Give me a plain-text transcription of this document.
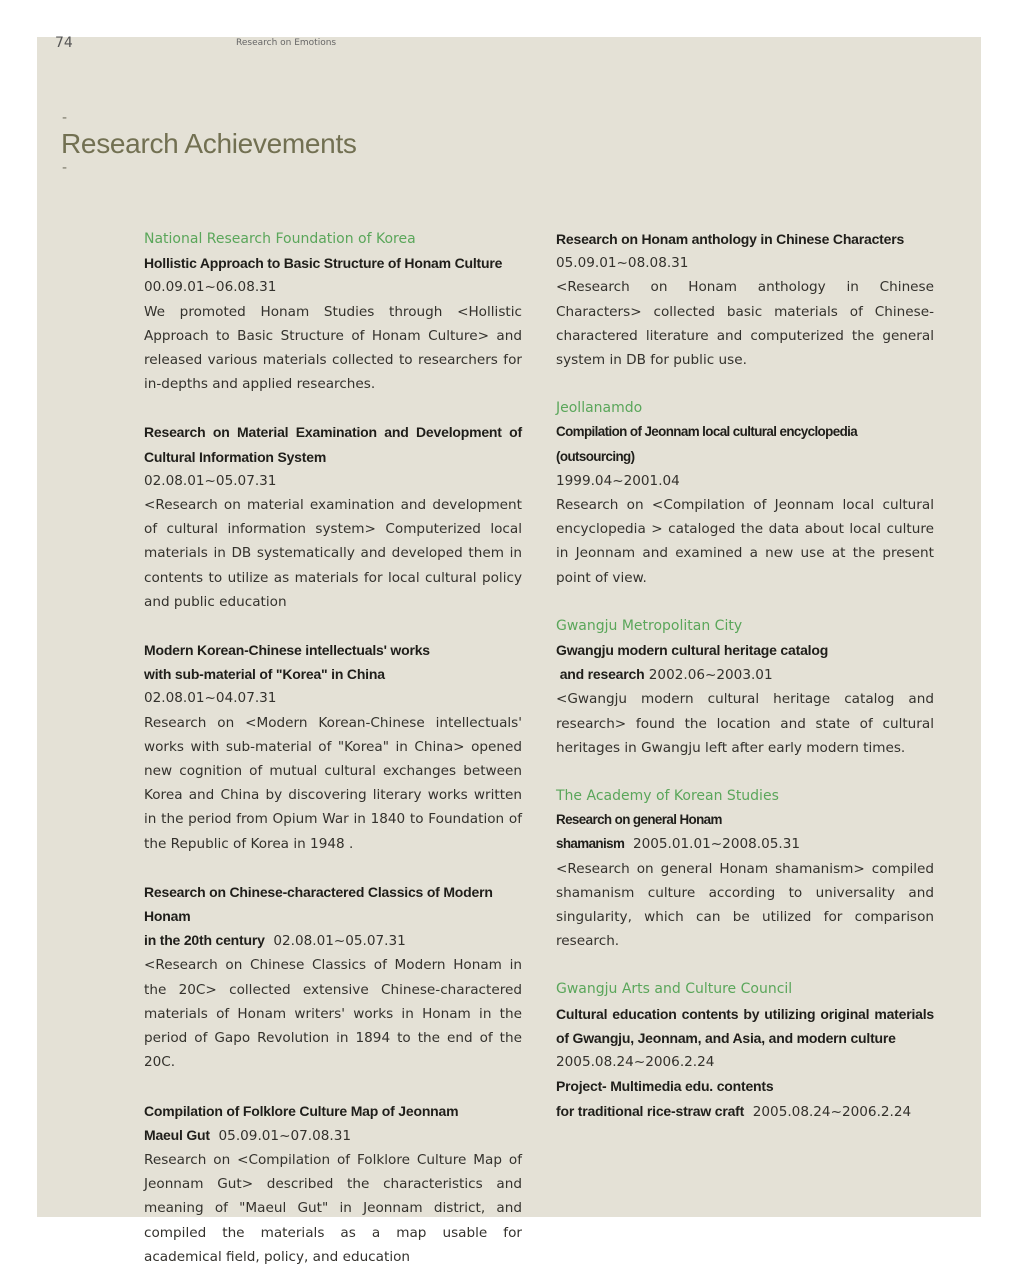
74	Research on Emotions
-
Research Achievements
-
National Research Foundation of Korea
Hollistic Approach to Basic Structure of Honam Culture
00.09.01~06.08.31
We promoted Honam Studies through <Hollistic Approach to Basic Structure of Honam Culture> and released various materials collected to researchers for in-depths and applied researches.
Research on Material Examination and Development of Cultural Information System
02.08.01~05.07.31
<Research on material examination and development of cultural information system> Computerized local materials in DB systematically and developed them in contents to utilize as materials for local cultural policy and public education
Modern Korean-Chinese intellectuals' works
with sub-material of "Korea" in China
02.08.01~04.07.31
Research on <Modern Korean-Chinese intellectuals' works with sub-material of "Korea" in China> opened new cognition of mutual cultural exchanges between Korea and China by discovering literary works written in the period from Opium War in 1840 to Foundation of the Republic of Korea in 1948 .
Research on Chinese-charactered Classics of Modern Honam
in the 20th century 02.08.01~05.07.31
<Research on Chinese Classics of Modern Honam in the 20C> collected extensive Chinese-charactered materials of Honam writers' works in Honam in the period of Gapo Revolution in 1894 to the end of the 20C.
Compilation of Folklore Culture Map of Jeonnam
Maeul Gut 05.09.01~07.08.31
Research on <Compilation of Folklore Culture Map of Jeonnam Gut> described the characteristics and meaning of "Maeul Gut" in Jeonnam district, and compiled the materials as a map usable for academical field, policy, and education
Research on Honam anthology in Chinese Characters
05.09.01~08.08.31
<Research on Honam anthology in Chinese Characters> collected basic materials of Chinese-charactered literature and computerized the general system in DB for public use.
Jeollanamdo
Compilation of Jeonnam local cultural encyclopedia (outsourcing)
1999.04~2001.04
Research on <Compilation of Jeonnam local cultural encyclopedia > cataloged the data about local culture in Jeonnam and examined a new use at the present point of view.
Gwangju Metropolitan City
Gwangju modern cultural heritage catalog
and research 2002.06~2003.01
<Gwangju modern cultural heritage catalog and research> found the location and state of cultural heritages in Gwangju left after early modern times.
The Academy of Korean Studies
Research on general Honam shamanism 2005.01.01~2008.05.31
<Research on general Honam shamanism> compiled shamanism culture according to universality and singularity, which can be utilized for comparison research.
Gwangju Arts and Culture Council
Cultural education contents by utilizing original materials of Gwangju, Jeonnam, and Asia, and modern culture
2005.08.24~2006.2.24
Project- Multimedia edu. contents
for traditional rice-straw craft 2005.08.24~2006.2.24
